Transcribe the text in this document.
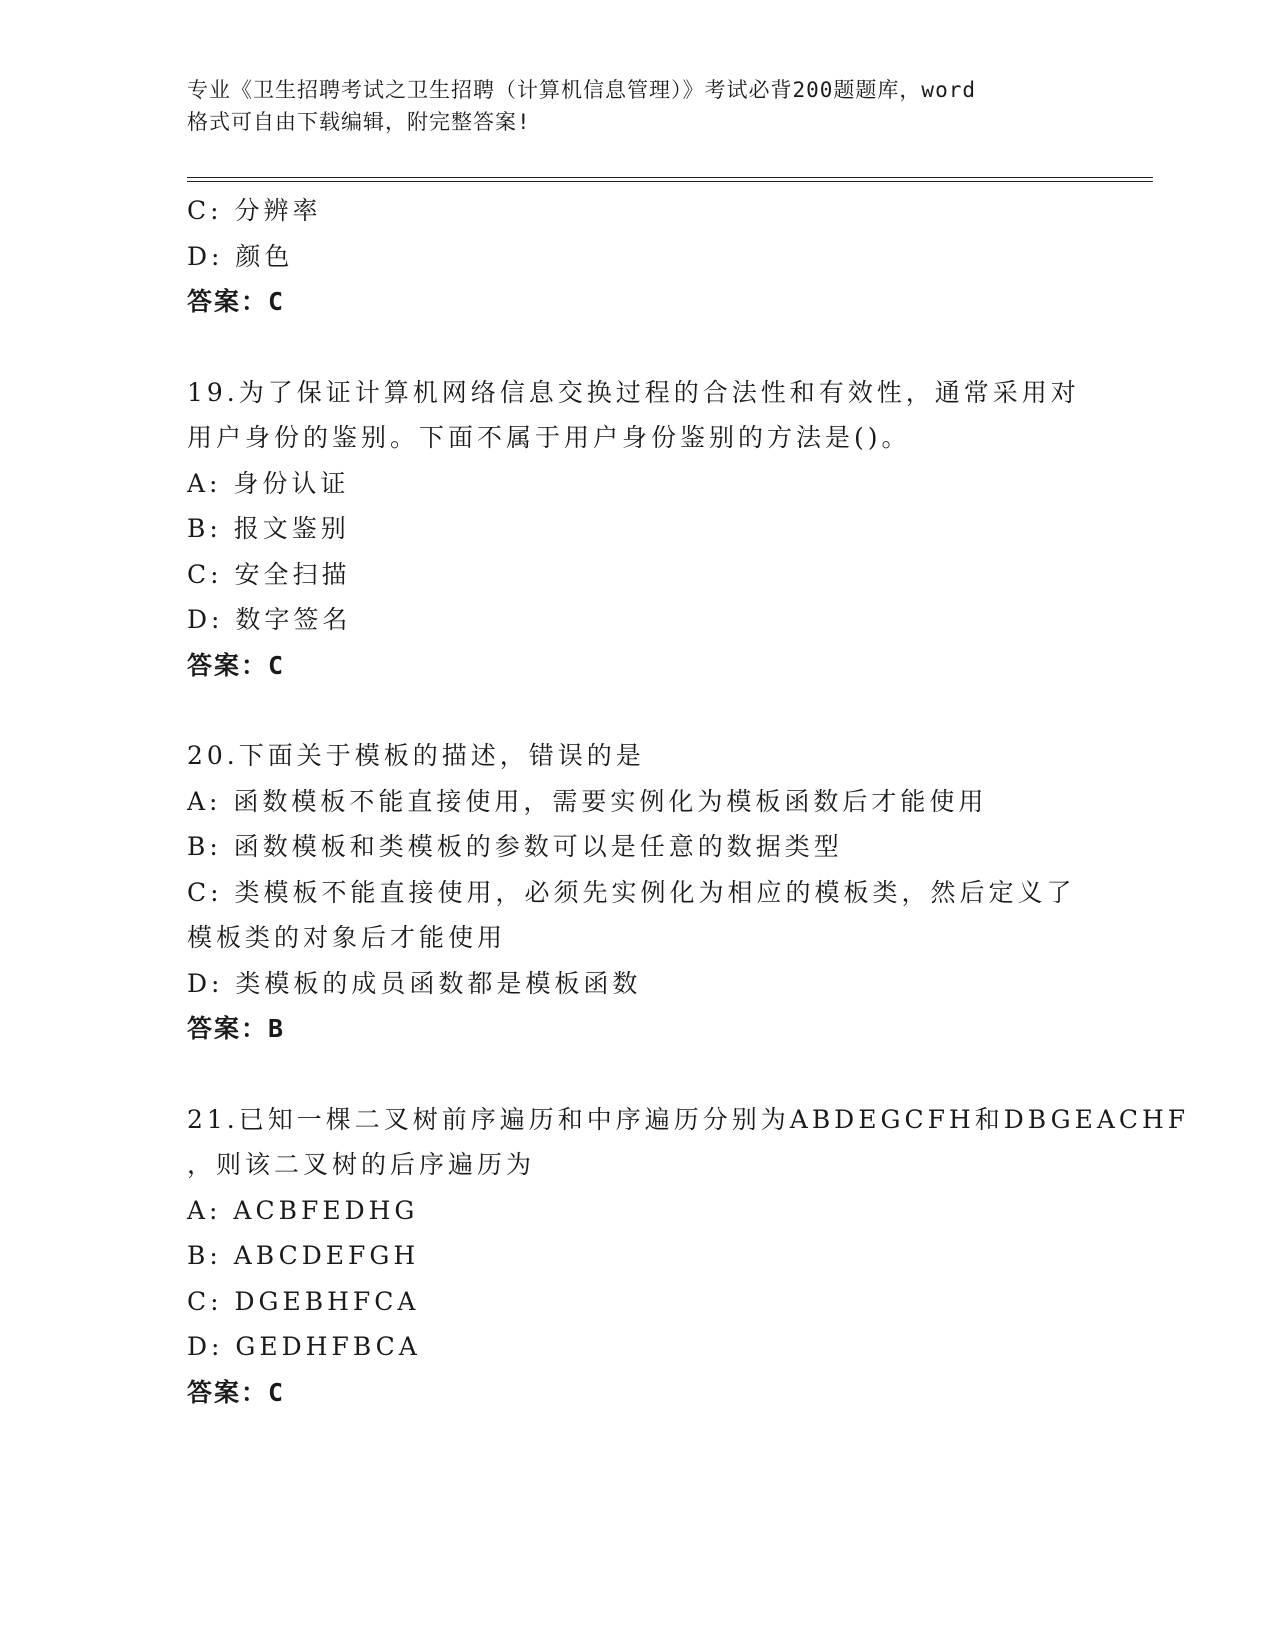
专业《卫生招聘考试之卫生招聘（计算机信息管理）》考试必背200题题库，word
格式可自由下载编辑，附完整答案!
C: 分辨率
D: 颜色
答案：C
19.为了保证计算机网络信息交换过程的合法性和有效性，通常采用对
用户身份的鉴别。下面不属于用户身份鉴别的方法是()。
A: 身份认证
B: 报文鉴别
C: 安全扫描
D: 数字签名
答案：C
20.下面关于模板的描述，错误的是
A: 函数模板不能直接使用，需要实例化为模板函数后才能使用
B: 函数模板和类模板的参数可以是任意的数据类型
C: 类模板不能直接使用，必须先实例化为相应的模板类，然后定义了
模板类的对象后才能使用
D: 类模板的成员函数都是模板函数
答案：B
21.已知一棵二叉树前序遍历和中序遍历分别为ABDEGCFH和DBGEACHF
，则该二叉树的后序遍历为
A: ACBFEDHG
B: ABCDEFGH
C: DGEBHFCA
D: GEDHFBCA
答案：C
